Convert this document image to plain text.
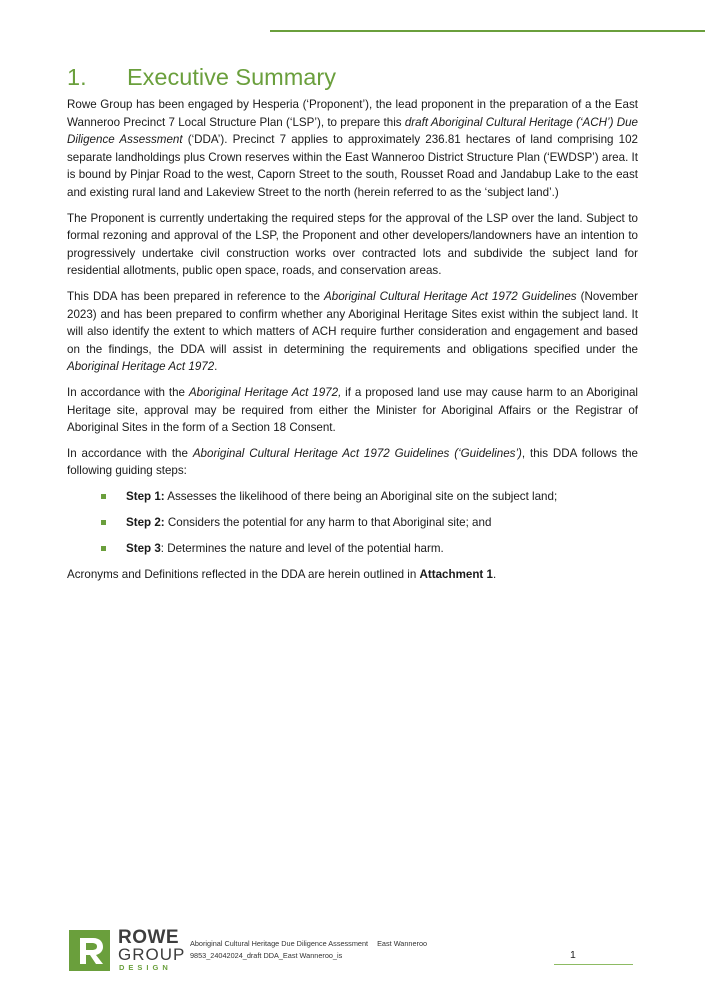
1. Executive Summary

Rowe Group has been engaged by Hesperia (‘Proponent’), the lead proponent in the preparation of a the East Wanneroo Precinct 7 Local Structure Plan (‘LSP’), to prepare this draft Aboriginal Cultural Heritage (‘ACH’) Due Diligence Assessment (‘DDA’). Precinct 7 applies to approximately 236.81 hectares of land comprising 102 separate landholdings plus Crown reserves within the East Wanneroo District Structure Plan (‘EWDSP’) area. It is bound by Pinjar Road to the west, Caporn Street to the south, Rousset Road and Jandabup Lake to the east and existing rural land and Lakeview Street to the north (herein referred to as the ‘subject land’.)

The Proponent is currently undertaking the required steps for the approval of the LSP over the land. Subject to formal rezoning and approval of the LSP, the Proponent and other developers/landowners have an intention to progressively undertake civil construction works over contracted lots and subdivide the subject land for residential allotments, public open space, roads, and conservation areas.

This DDA has been prepared in reference to the Aboriginal Cultural Heritage Act 1972 Guidelines (November 2023) and has been prepared to confirm whether any Aboriginal Heritage Sites exist within the subject land. It will also identify the extent to which matters of ACH require further consideration and engagement and based on the findings, the DDA will assist in determining the requirements and obligations specified under the Aboriginal Heritage Act 1972.

In accordance with the Aboriginal Heritage Act 1972, if a proposed land use may cause harm to an Aboriginal Heritage site, approval may be required from either the Minister for Aboriginal Affairs or the Registrar of Aboriginal Sites in the form of a Section 18 Consent.

In accordance with the Aboriginal Cultural Heritage Act 1972 Guidelines (‘Guidelines’), this DDA follows the following guiding steps:

Step 1: Assesses the likelihood of there being an Aboriginal site on the subject land;
Step 2: Considers the potential for any harm to that Aboriginal site; and
Step 3: Determines the nature and level of the potential harm.

Acronyms and Definitions reflected in the DDA are herein outlined in Attachment 1.

ROWE
GROUP
DESIGN
Aboriginal Cultural Heritage Due Diligence Assessment East Wanneroo
9853_24042024_draft DDA_East Wanneroo_is	1
